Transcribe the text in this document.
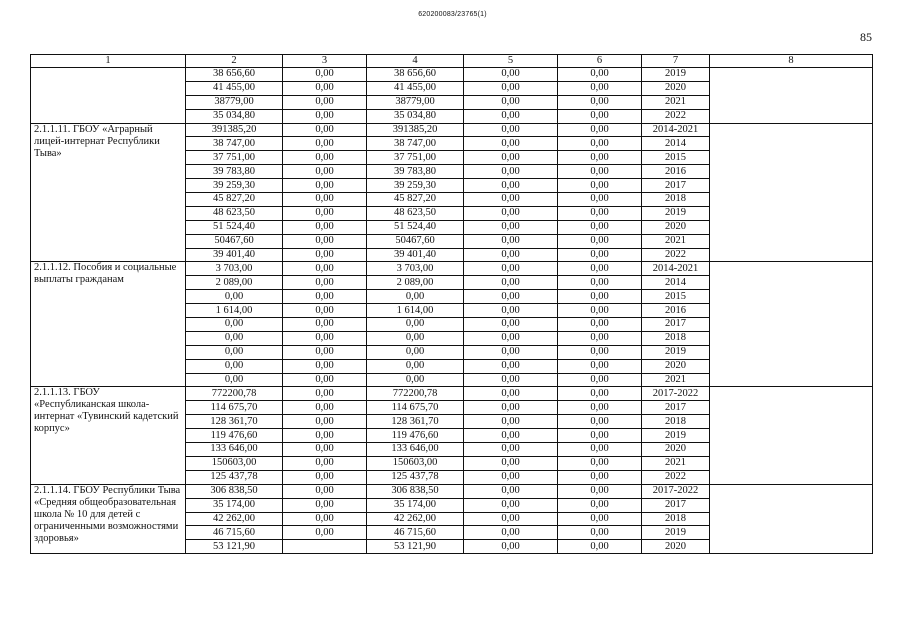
620200083/23765(1)
85
1	2	3	4	5	6	7	8
	38 656,60	0,00	38 656,60	0,00	0,00	2019	
	41 455,00	0,00	41 455,00	0,00	0,00	2020	
	38779,00	0,00	38779,00	0,00	0,00	2021	
	35 034,80	0,00	35 034,80	0,00	0,00	2022	
2.1.1.11. ГБОУ «Аграрный лицей-интернат Республики Тыва»	391385,20	0,00	391385,20	0,00	0,00	2014-2021	
	38 747,00	0,00	38 747,00	0,00	0,00	2014	
	37 751,00	0,00	37 751,00	0,00	0,00	2015	
	39 783,80	0,00	39 783,80	0,00	0,00	2016	
	39 259,30	0,00	39 259,30	0,00	0,00	2017	
	45 827,20	0,00	45 827,20	0,00	0,00	2018	
	48 623,50	0,00	48 623,50	0,00	0,00	2019	
	51 524,40	0,00	51 524,40	0,00	0,00	2020	
	50467,60	0,00	50467,60	0,00	0,00	2021	
	39 401,40	0,00	39 401,40	0,00	0,00	2022	
2.1.1.12. Пособия и социальные выплаты гражданам	3 703,00	0,00	3 703,00	0,00	0,00	2014-2021	
	2 089,00	0,00	2 089,00	0,00	0,00	2014	
	0,00	0,00	0,00	0,00	0,00	2015	
	1 614,00	0,00	1 614,00	0,00	0,00	2016	
	0,00	0,00	0,00	0,00	0,00	2017	
	0,00	0,00	0,00	0,00	0,00	2018	
	0,00	0,00	0,00	0,00	0,00	2019	
	0,00	0,00	0,00	0,00	0,00	2020	
	0,00	0,00	0,00	0,00	0,00	2021	
2.1.1.13. ГБОУ «Республиканская школа-интернат «Тувинский кадетский корпус»	772200,78	0,00	772200,78	0,00	0,00	2017-2022	
	114 675,70	0,00	114 675,70	0,00	0,00	2017	
	128 361,70	0,00	128 361,70	0,00	0,00	2018	
	119 476,60	0,00	119 476,60	0,00	0,00	2019	
	133 646,00	0,00	133 646,00	0,00	0,00	2020	
	150603,00	0,00	150603,00	0,00	0,00	2021	
	125 437,78	0,00	125 437,78	0,00	0,00	2022	
2.1.1.14. ГБОУ Республики Тыва «Средняя общеобразовательная школа № 10 для детей с ограниченными возможностями здоровья»	306 838,50	0,00	306 838,50	0,00	0,00	2017-2022	
	35 174,00	0,00	35 174,00	0,00	0,00	2017	
	42 262,00	0,00	42 262,00	0,00	0,00	2018	
	46 715,60	0,00	46 715,60	0,00	0,00	2019	
	53 121,90		53 121,90	0,00	0,00	2020	
